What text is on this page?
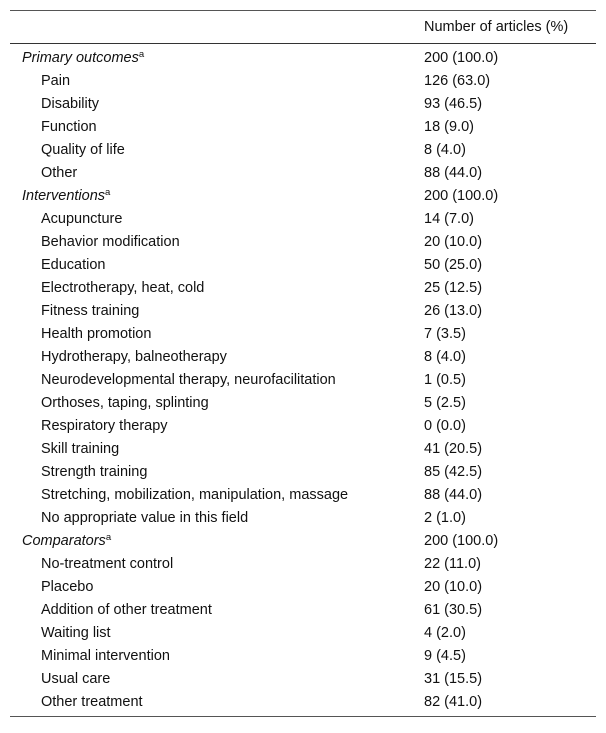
Number of articles (%)
Primary outcomes$^a$	200 (100.0)
Pain	126 (63.0)
Disability	93 (46.5)
Function	18 (9.0)
Quality of life	8 (4.0)
Other	88 (44.0)
Interventions$^a$	200 (100.0)
Acupuncture	14 (7.0)
Behavior modification	20 (10.0)
Education	50 (25.0)
Electrotherapy, heat, cold	25 (12.5)
Fitness training	26 (13.0)
Health promotion	7 (3.5)
Hydrotherapy, balneotherapy	8 (4.0)
Neurodevelopmental therapy, neurofacilitation	1 (0.5)
Orthoses, taping, splinting	5 (2.5)
Respiratory therapy	0 (0.0)
Skill training	41 (20.5)
Strength training	85 (42.5)
Stretching, mobilization, manipulation, massage	88 (44.0)
No appropriate value in this field	2 (1.0)
Comparators$^a$	200 (100.0)
No-treatment control	22 (11.0)
Placebo	20 (10.0)
Addition of other treatment	61 (30.5)
Waiting list	4 (2.0)
Minimal intervention	9 (4.5)
Usual care	31 (15.5)
Other treatment	82 (41.0)
